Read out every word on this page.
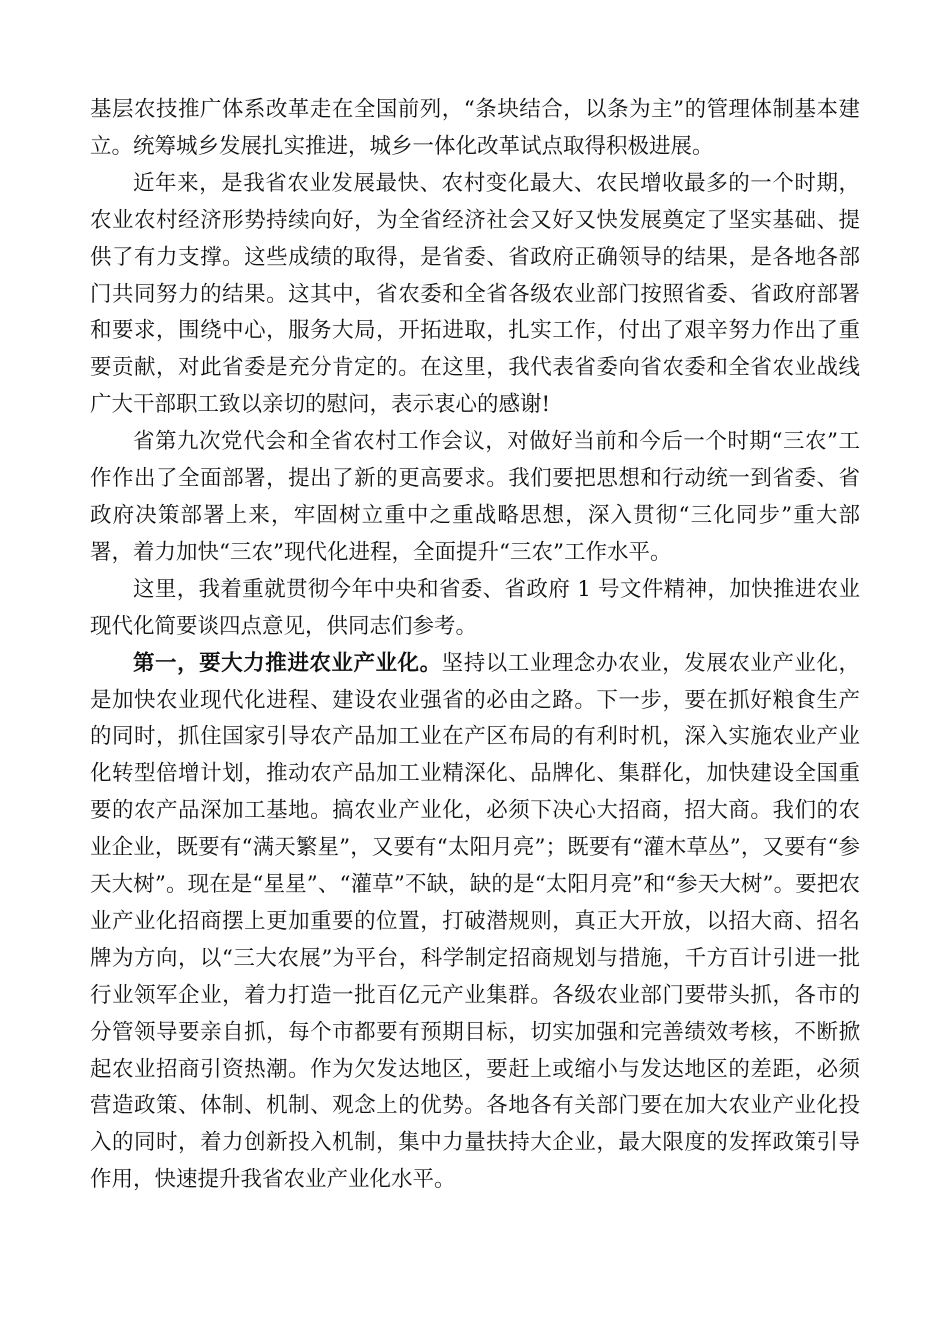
基层农技推广体系改革走在全国前列，“条块结合，以条为主”的管理体制基本建立。统筹城乡发展扎实推进，城乡一体化改革试点取得积极进展。

近年来，是我省农业发展最快、农村变化最大、农民增收最多的一个时期，农业农村经济形势持续向好，为全省经济社会又好又快发展奠定了坚实基础、提供了有力支撑。这些成绩的取得，是省委、省政府正确领导的结果，是各地各部门共同努力的结果。这其中，省农委和全省各级农业部门按照省委、省政府部署和要求，围绕中心，服务大局，开拓进取，扎实工作，付出了艰辛努力作出了重要贡献，对此省委是充分肯定的。在这里，我代表省委向省农委和全省农业战线广大干部职工致以亲切的慰问，表示衷心的感谢!

省第九次党代会和全省农村工作会议，对做好当前和今后一个时期“三农”工作作出了全面部署，提出了新的更高要求。我们要把思想和行动统一到省委、省政府决策部署上来，牢固树立重中之重战略思想，深入贯彻“三化同步”重大部署，着力加快“三农”现代化进程，全面提升“三农”工作水平。

这里，我着重就贯彻今年中央和省委、省政府 1 号文件精神，加快推进农业现代化简要谈四点意见，供同志们参考。

第一，要大力推进农业产业化。坚持以工业理念办农业，发展农业产业化，是加快农业现代化进程、建设农业强省的必由之路。下一步，要在抓好粮食生产的同时，抓住国家引导农产品加工业在产区布局的有利时机，深入实施农业产业化转型倍增计划，推动农产品加工业精深化、品牌化、集群化，加快建设全国重要的农产品深加工基地。搞农业产业化，必须下决心大招商，招大商。我们的农业企业，既要有“满天繁星”，又要有“太阳月亮”；既要有“灌木草丛”，又要有“参天大树”。现在是“星星”、“灌草”不缺，缺的是“太阳月亮”和“参天大树”。要把农业产业化招商摆上更加重要的位置，打破潜规则，真正大开放，以招大商、招名牌为方向，以“三大农展”为平台，科学制定招商规划与措施，千方百计引进一批行业领军企业，着力打造一批百亿元产业集群。各级农业部门要带头抓，各市的分管领导要亲自抓，每个市都要有预期目标，切实加强和完善绩效考核，不断掀起农业招商引资热潮。作为欠发达地区，要赶上或缩小与发达地区的差距，必须营造政策、体制、机制、观念上的优势。各地各有关部门要在加大农业产业化投入的同时，着力创新投入机制，集中力量扶持大企业，最大限度的发挥政策引导作用，快速提升我省农业产业化水平。
